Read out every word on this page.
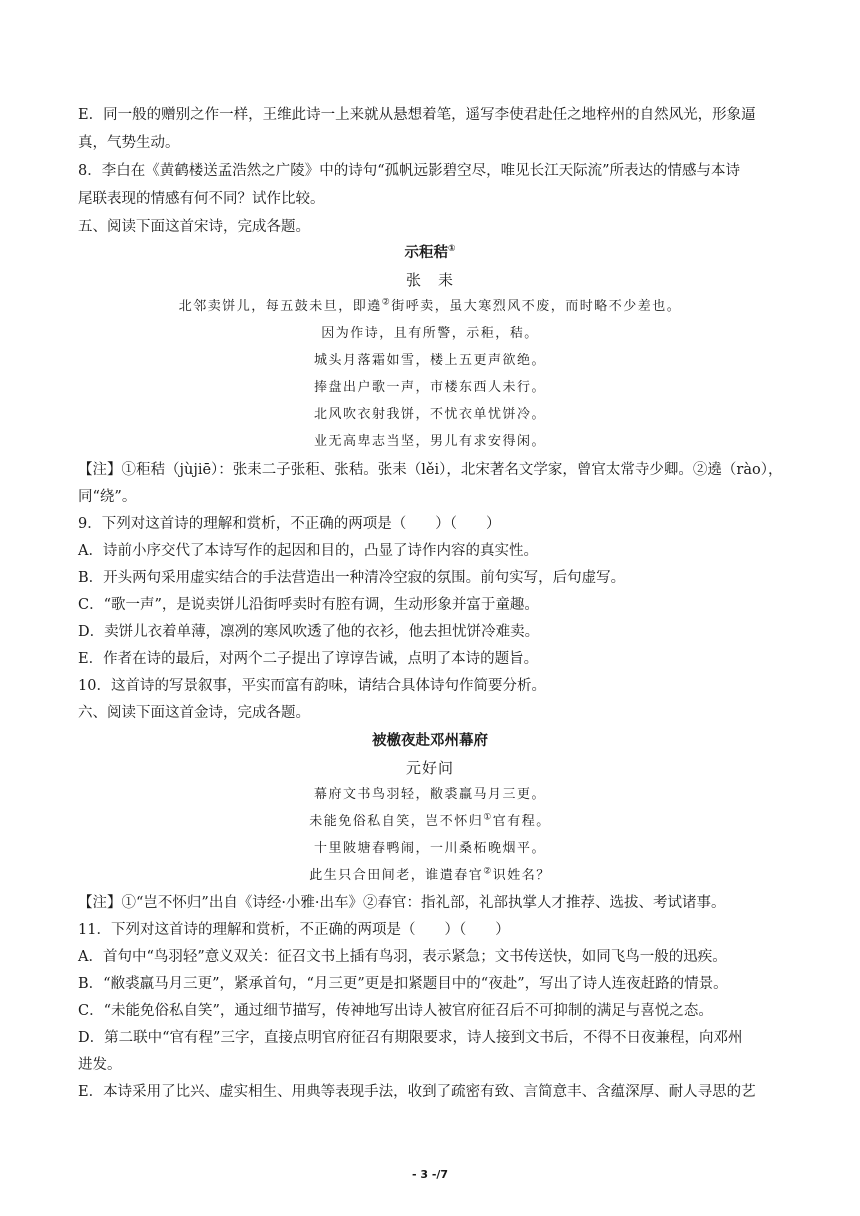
E．同一般的赠别之作一样，王维此诗一上来就从悬想着笔，遥写李使君赴任之地梓州的自然风光，形象逼
真，气势生动。
8．李白在《黄鹤楼送孟浩然之广陵》中的诗句“孤帆远影碧空尽，唯见长江天际流”所表达的情感与本诗
尾联表现的情感有何不同？试作比较。
五、阅读下面这首宋诗，完成各题。
示秬秸①
张　耒
北邻卖饼儿，每五鼓未旦，即遶②街呼卖，虽大寒烈风不废，而时略不少差也。
因为作诗，且有所警，示秬，秸。
城头月落霜如雪，楼上五更声欲绝。
捧盘出户歌一声，市楼东西人未行。
北风吹衣射我饼，不忧衣单忧饼冷。
业无高卑志当坚，男儿有求安得闲。
【注】①秬秸（jùjiē）：张耒二子张秬、张秸。张耒（lěi），北宋著名文学家，曾官太常寺少卿。②遶（rào），
同“绕”。
9．下列对这首诗的理解和赏析，不正确的两项是（　　）（　　）
A．诗前小序交代了本诗写作的起因和目的，凸显了诗作内容的真实性。
B．开头两句采用虚实结合的手法营造出一种清冷空寂的氛围。前句实写，后句虚写。
C．“歌一声”，是说卖饼儿沿街呼卖时有腔有调，生动形象并富于童趣。
D．卖饼儿衣着单薄，凛冽的寒风吹透了他的衣衫，他去担忧饼冷难卖。
E．作者在诗的最后，对两个二子提出了谆谆告诫，点明了本诗的题旨。
10．这首诗的写景叙事，平实而富有韵味，请结合具体诗句作简要分析。
六、阅读下面这首金诗，完成各题。
被檄夜赴邓州幕府
元好问
幕府文书鸟羽轻，敝裘羸马月三更。
未能免俗私自笑，岂不怀归①官有程。
十里陂塘春鸭闹，一川桑柘晚烟平。
此生只合田间老，谁遣春官②识姓名？
【注】①“岂不怀归”出自《诗经·小雅·出车》②春官：指礼部，礼部执掌人才推荐、选拔、考试诸事。
11．下列对这首诗的理解和赏析，不正确的两项是（　　）（　　）
A．首句中“鸟羽轻”意义双关：征召文书上插有鸟羽，表示紧急；文书传送快，如同飞鸟一般的迅疾。
B．“敝裘羸马月三更”，紧承首句，“月三更”更是扣紧题目中的“夜赴”，写出了诗人连夜赶路的情景。
C．“未能免俗私自笑”，通过细节描写，传神地写出诗人被官府征召后不可抑制的满足与喜悦之态。
D．第二联中“官有程”三字，直接点明官府征召有期限要求，诗人接到文书后，不得不日夜兼程，向邓州
进发。
E．本诗采用了比兴、虚实相生、用典等表现手法，收到了疏密有致、言简意丰、含蕴深厚、耐人寻思的艺
- 3 -/7
